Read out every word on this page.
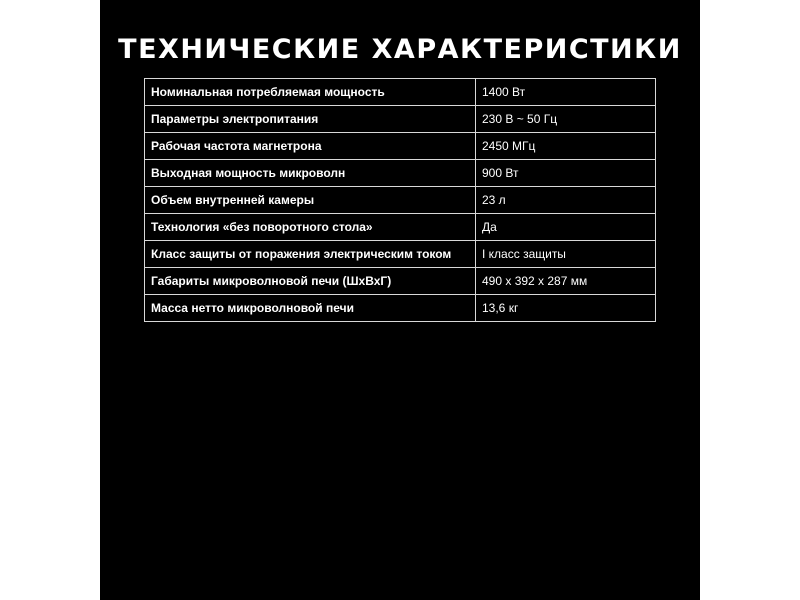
ТЕХНИЧЕСКИЕ ХАРАКТЕРИСТИКИ
Номинальная потребляемая мощность	1400 Вт
Параметры электропитания	230 В ~ 50 Гц
Рабочая частота магнетрона	2450 МГц
Выходная мощность микроволн	900 Вт
Объем внутренней камеры	23 л
Технология «без поворотного стола»	Да
Класс защиты от поражения электрическим током	I класс защиты
Габариты микроволновой печи (ШхВхГ)	490 х 392 х 287 мм
Масса нетто микроволновой печи	13,6 кг
